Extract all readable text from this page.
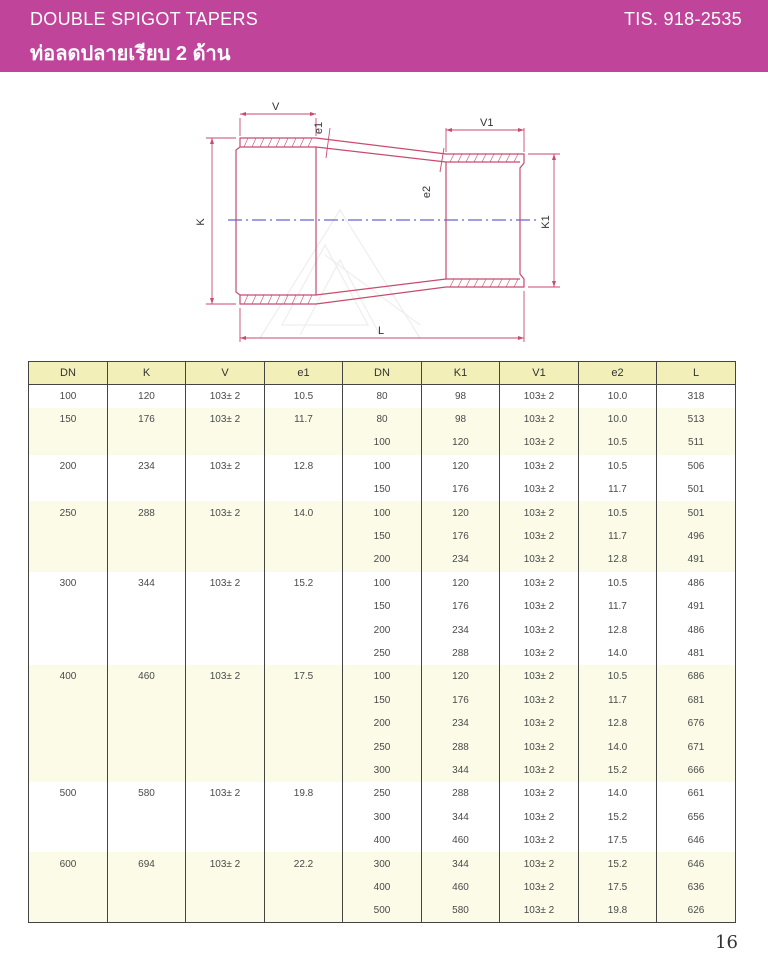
DOUBLE SPIGOT TAPERS
ท่อลดปลายเรียบ 2 ด้าน
TIS. 918-2535
V
V1
e1
e2
K	K1
L
DN	K	V	e1	DN	K1	V1	e2	L
100	120	103± 2	10.5	80	98	103± 2	10.0	318
150	176	103± 2	11.7	80	98	103± 2	10.0	513
				100	120	103± 2	10.5	511
200	234	103± 2	12.8	100	120	103± 2	10.5	506
				150	176	103± 2	11.7	501
250	288	103± 2	14.0	100	120	103± 2	10.5	501
				150	176	103± 2	11.7	496
				200	234	103± 2	12.8	491
300	344	103± 2	15.2	100	120	103± 2	10.5	486
				150	176	103± 2	11.7	491
				200	234	103± 2	12.8	486
				250	288	103± 2	14.0	481
400	460	103± 2	17.5	100	120	103± 2	10.5	686
				150	176	103± 2	11.7	681
				200	234	103± 2	12.8	676
				250	288	103± 2	14.0	671
				300	344	103± 2	15.2	666
500	580	103± 2	19.8	250	288	103± 2	14.0	661
				300	344	103± 2	15.2	656
				400	460	103± 2	17.5	646
600	694	103± 2	22.2	300	344	103± 2	15.2	646
				400	460	103± 2	17.5	636
				500	580	103± 2	19.8	626
16
